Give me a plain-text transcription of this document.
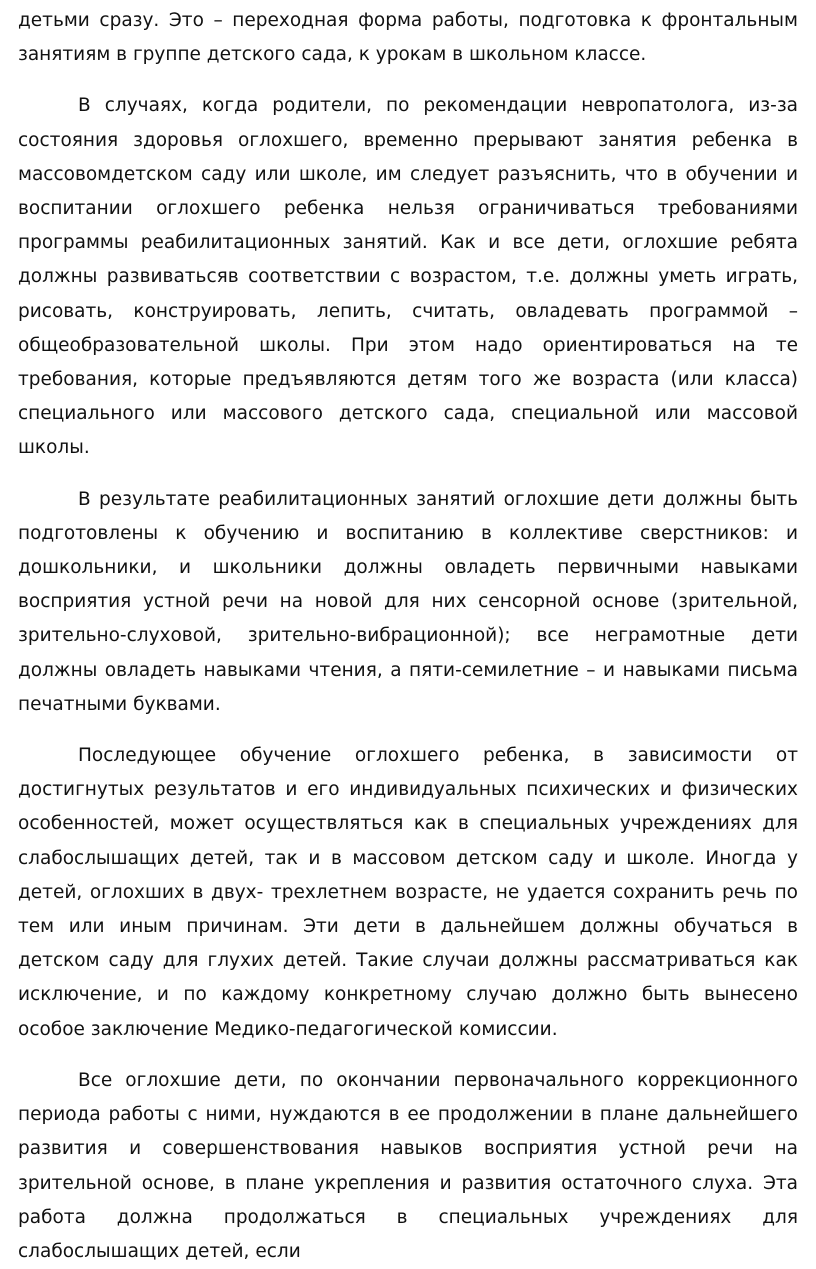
детьми сразу. Это – переходная форма работы, подготовка к фронтальным занятиям в группе детского сада, к урокам в школьном классе.

В случаях, когда родители, по рекомендации невропатолога, из-за состояния здоровья оглохшего, временно прерывают занятия ребенка в массовомдетском саду или школе, им следует разъяснить, что в обучении и воспитании оглохшего ребенка нельзя ограничиваться требованиями программы реабилитационных занятий. Как и все дети, оглохшие ребята должны развиватьсяв соответствии с возрастом, т.е. должны уметь играть, рисовать, конструировать, лепить, считать, овладевать программой –общеобразовательной школы. При этом надо ориентироваться на те требования, которые предъявляются детям того же возраста (или класса) специального или массового детского сада, специальной или массовой школы.

В результате реабилитационных занятий оглохшие дети должны быть подготовлены к обучению и воспитанию в коллективе сверстников: и дошкольники, и школьники должны овладеть первичными навыками восприятия устной речи на новой для них сенсорной основе (зрительной, зрительно-слуховой, зрительно-вибрационной); все неграмотные дети должны овладеть навыками чтения, а пяти-семилетние – и навыками письма печатными буквами.

Последующее обучение оглохшего ребенка, в зависимости от достигнутых результатов и его индивидуальных психических и физических особенностей, может осуществляться как в специальных учреждениях для слабослышащих детей, так и в массовом детском саду и школе. Иногда у детей, оглохших в двух- трехлетнем возрасте, не удается сохранить речь по тем или иным причинам. Эти дети в дальнейшем должны обучаться в детском саду для глухих детей. Такие случаи должны рассматриваться как исключение, и по каждому конкретному случаю должно быть вынесено особое заключение Медико-педагогической комиссии.

Все оглохшие дети, по окончании первоначального коррекционного периода работы с ними, нуждаются в ее продолжении в плане дальнейшего развития и совершенствования навыков восприятия устной речи на зрительной основе, в плане укрепления и развития остаточного слуха. Эта работа должна продолжаться в специальных учреждениях для слабослышащих детей, если
